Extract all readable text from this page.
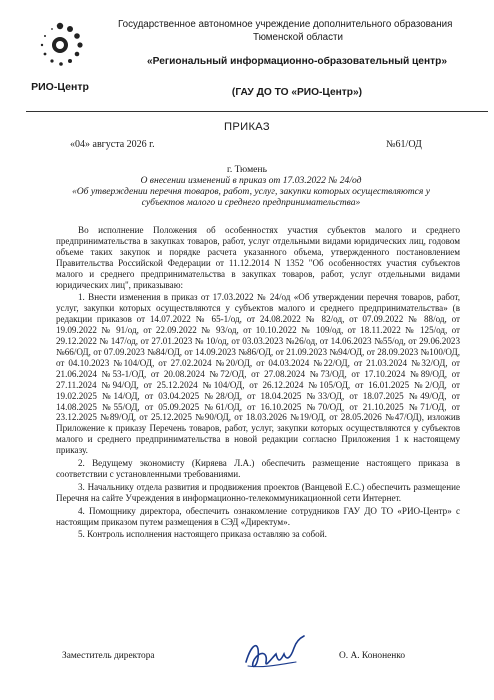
РИО-Центр
Государственное автономное учреждение дополнительного образования
Тюменской области
«Региональный информационно-образовательный центр»
(ГАУ ДО ТО «РИО-Центр»)
ПРИКАЗ
«04» августа 2026 г.	№61/ОД
г. Тюмень
О внесении изменений в приказ от 17.03.2022 № 24/од
«Об утверждении перечня товаров, работ, услуг, закупки которых осуществляются у субъектов малого и среднего предпринимательства»

Во исполнение Положения об особенностях участия субъектов малого и среднего предпринимательства в закупках товаров, работ, услуг отдельными видами юридических лиц, годовом объеме таких закупок и порядке расчета указанного объема, утвержденного постановлением Правительства Российской Федерации от 11.12.2014 N 1352 "Об особенностях участия субъектов малого и среднего предпринимательства в закупках товаров, работ, услуг отдельными видами юридических лиц", приказываю:

1. Внести изменения в приказ от 17.03.2022 № 24/од «Об утверждении перечня товаров, работ, услуг, закупки которых осуществляются у субъектов малого и среднего предпринимательства» (в редакции приказов от 14.07.2022 № 65-1/од, от 24.08.2022 № 82/од, от 07.09.2022 № 88/од, от 19.09.2022 № 91/од, от 22.09.2022 № 93/од, от 10.10.2022 № 109/од, от 18.11.2022 № 125/од, от 29.12.2022 № 147/од, от 27.01.2023 № 10/од, от 03.03.2023 №26/од, от 14.06.2023 №55/од, от 29.06.2023 №66/ОД, от 07.09.2023 №84/ОД, от 14.09.2023 №86/ОД, от 21.09.2023 №94/ОД, от 28.09.2023 №100/ОД, от 04.10.2023 №104/ОД, от 27.02.2024 №20/ОД, от 04.03.2024 №22/ОД, от 21.03.2024 №32/ОД, от 21.06.2024 №53-1/ОД, от 20.08.2024 №72/ОД, от 27.08.2024 №73/ОД, от 17.10.2024 №89/ОД, от 27.11.2024 №94/ОД, от 25.12.2024 №104/ОД, от 26.12.2024 №105/ОД, от 16.01.2025 №2/ОД, от 19.02.2025 №14/ОД, от 03.04.2025 №28/ОД, от 18.04.2025 №33/ОД, от 18.07.2025 №49/ОД, от 14.08.2025 №55/ОД, от 05.09.2025 №61/ОД, от 16.10.2025 №70/ОД, от 21.10.2025 №71/ОД, от 23.12.2025 №89/ОД, от 25.12.2025 №90/ОД, от 18.03.2026 №19/ОД, от 28.05.2026 №47/ОД), изложив Приложение к приказу Перечень товаров, работ, услуг, закупки которых осуществляются у субъектов малого и среднего предпринимательства в новой редакции согласно Приложения 1 к настоящему приказу.

2. Ведущему экономисту (Киряева Л.А.) обеспечить размещение настоящего приказа в соответствии с установленными требованиями.

3. Начальнику отдела развития и продвижения проектов (Ванцевой Е.С.) обеспечить размещение Перечня на сайте Учреждения в информационно-телекоммуникационной сети Интернет.

4. Помощнику директора, обеспечить ознакомление сотрудников ГАУ ДО ТО «РИО-Центр» с настоящим приказом путем размещения в СЭД «Директум».

5. Контроль исполнения настоящего приказа оставляю за собой.

Заместитель директора	О. А. Кононенко
